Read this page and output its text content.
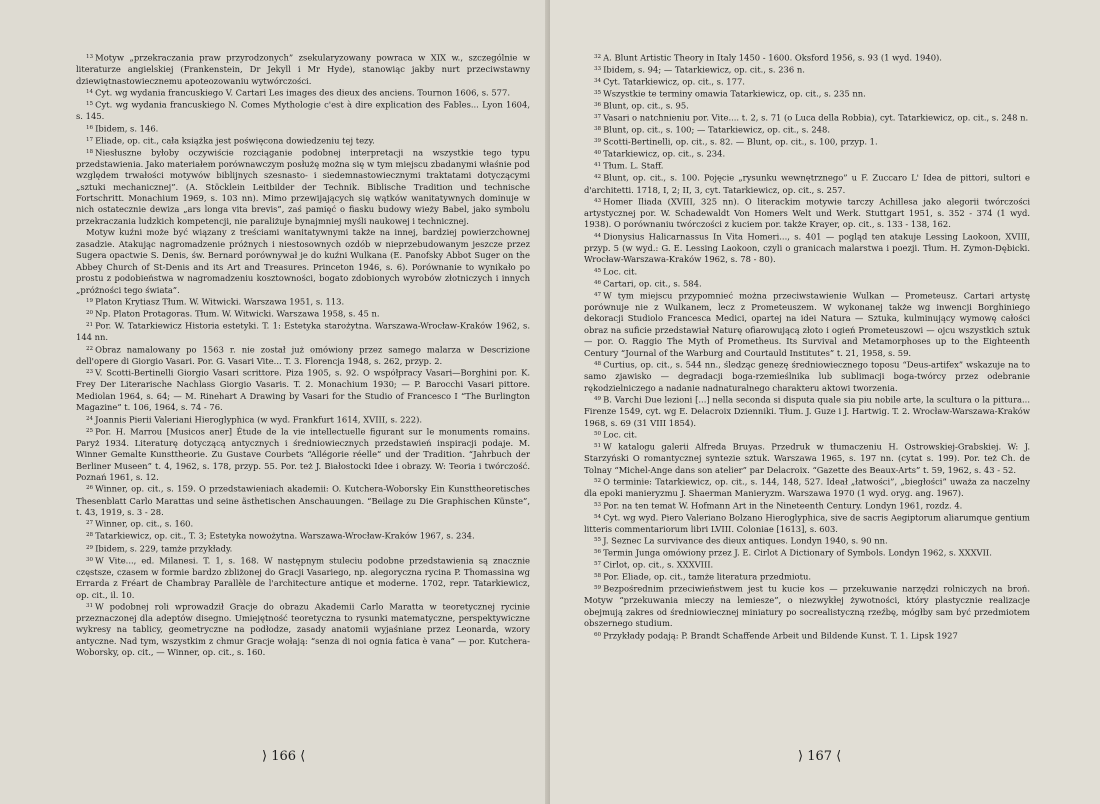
$^{13}$ Motyw „przekraczania praw przyrodzonych” zsekularyzowany powraca w XIX w., szczególnie w literaturze angielskiej (Frankenstein, Dr Jekyll i Mr Hyde), stanowiąc jakby nurt przeciwstawny dziewiętnastowiecznemu apoteozowaniu wytwórczości.

$^{14}$ Cyt. wg wydania francuskiego V. Cartari Les images des dieux des anciens. Tournon 1606, s. 577.

$^{15}$ Cyt. wg wydania francuskiego N. Comes Mythologie c'est à dire explication des Fables... Lyon 1604, s. 145.

$^{16}$ Ibidem, s. 146.

$^{17}$ Eliade, op. cit., cała książka jest poświęcona dowiedzeniu tej tezy.

$^{18}$ Niesłuszne byłoby oczywiście rozciąganie podobnej interpretacji na wszystkie tego typu przedstawienia. Jako materiałem porównawczym posłużę można się w tym miejscu zbadanymi właśnie pod względem trwałości motywów biblijnych szesnasto- i siedemnastowiecznymi traktatami dotyczącymi „sztuki mechanicznej”. (A. Stöcklein Leitbilder der Technik. Biblische Tradition und technische Fortschritt. Monachium 1969, s. 103 nn). Mimo przewijających się wątków wanitatywnych dominuje w nich ostatecznie dewiza „ars longa vita brevis”, zaś pamięć o fiasku budowy wieży Babel, jako symbolu przekraczania ludzkich kompetencji, nie paraliżuje bynajmniej myśli naukowej i technicznej.

Motyw kuźni może być wiązany z treściami wanitatywnymi także na innej, bardziej powierzchownej zasadzie. Atakując nagromadzenie próżnych i niestosownych ozdób w nieprzebudowanym jeszcze przez Sugera opactwie S. Denis, św. Bernard porównywał je do kuźni Wulkana (E. Panofsky Abbot Suger on the Abbey Church of St-Denis and its Art and Treasures. Princeton 1946, s. 6). Porównanie to wynikało po prostu z podobieństwa w nagromadzeniu kosztowności, bogato zdobionych wyrobów złotniczych i innych „próżności tego świata”.

$^{19}$ Platon Krytiasz Tłum. W. Witwicki. Warszawa 1951, s. 113.

$^{20}$ Np. Platon Protagoras. Tłum. W. Witwicki. Warszawa 1958, s. 45 n.

$^{21}$ Por. W. Tatarkiewicz Historia estetyki. T. 1: Estetyka starożytna. Warszawa-Wrocław-Kraków 1962, s. 144 nn.

$^{22}$ Obraz namalowany po 1563 r. nie został już omówiony przez samego malarza w Descrizione dell'opere di Giorgio Vasari. Por. G. Vasari Vite... T. 3. Florencja 1948, s. 262, przyp. 2.

$^{23}$ V. Scotti-Bertinelli Giorgio Vasari scrittore. Piza 1905, s. 92. O współpracy Vasari—Borghini por. K. Frey Der Literarische Nachlass Giorgio Vasaris. T. 2. Monachium 1930; — P. Barocchi Vasari pittore. Mediolan 1964, s. 64; — M. Rinehart A Drawing by Vasari for the Studio of Francesco I “The Burlington Magazine” t. 106, 1964, s. 74 - 76.

$^{24}$ Joannis Pierii Valeriani Hieroglyphica (w wyd. Frankfurt 1614, XVIII, s. 222).

$^{25}$ Por. H. Marrou [Musicos aner] Étude de la vie intellectuelle figurant sur le monuments romains. Paryż 1934. Literaturę dotyczącą antycznych i średniowiecznych przedstawień inspiracji podaje. M. Winner Gemalte Kunsttheorie. Zu Gustave Courbets “Allégorie réelle” und der Tradition. “Jahrbuch der Berliner Museen” t. 4, 1962, s. 178, przyp. 55. Por. też J. Białostocki Idee i obrazy. W: Teoria i twórczość. Poznań 1961, s. 12.

$^{26}$ Winner, op. cit., s. 159. O przedstawieniach akademii: O. Kutchera-Woborsky Ein Kunsttheoretisches Thesenblatt Carlo Marattas und seine ästhetischen Anschauungen. “Beilage zu Die Graphischen Künste”, t. 43, 1919, s. 3 - 28.

$^{27}$ Winner, op. cit., s. 160.

$^{28}$ Tatarkiewicz, op. cit., T. 3; Estetyka nowożytna. Warszawa-Wrocław-Kraków 1967, s. 234.

$^{29}$ Ibidem, s. 229, tamże przykłady.

$^{30}$ W Vite..., ed. Milanesi. T. 1, s. 168. W następnym stuleciu podobne przedstawienia są znacznie częstsze, czasem w formie bardzo zbliżonej do Gracji Vasariego, np. alegoryczna rycina P. Thomassina wg Errarda z Fréart de Chambray Parallèle de l'architecture antique et moderne. 1702, repr. Tatarkiewicz, op. cit., il. 10.

$^{31}$ W podobnej roli wprowadził Gracje do obrazu Akademii Carlo Maratta w teoretycznej rycinie przeznaczonej dla adeptów disegno. Umiejętność teoretyczna to rysunki matematyczne, perspektywiczne wykresy na tablicy, geometryczne na podłodze, zasady anatomii wyjaśniane przez Leonarda, wzory antyczne. Nad tym, wszystkim z chmur Gracje wołają: “senza di noi ognia fatica è vana” — por. Kutchera-Woborsky, op. cit., — Winner, op. cit., s. 160.

⟩ 166 ⟨

$^{32}$ A. Blunt Artistic Theory in Italy 1450 - 1600. Oksford 1956, s. 93 (1 wyd. 1940).

$^{33}$ Ibidem, s. 94; — Tatarkiewicz, op. cit., s. 236 n.

$^{34}$ Cyt. Tatarkiewicz, op. cit., s. 177.

$^{35}$ Wszystkie te terminy omawia Tatarkiewicz, op. cit., s. 235 nn.

$^{36}$ Blunt, op. cit., s. 95.

$^{37}$ Vasari o natchnieniu por. Vite.... t. 2, s. 71 (o Luca della Robbia), cyt. Tatarkiewicz, op. cit., s. 248 n.

$^{38}$ Blunt, op. cit., s. 100; — Tatarkiewicz, op. cit., s. 248.

$^{39}$ Scotti-Bertinelli, op. cit., s. 82. — Blunt, op. cit., s. 100, przyp. 1.

$^{40}$ Tatarkiewicz, op. cit., s. 234.

$^{41}$ Tłum. L. Staff.

$^{42}$ Blunt, op. cit., s. 100. Pojęcie „rysunku wewnętrznego” u F. Zuccaro L' Idea de pittori, sultori e d'architetti. 1718, I, 2; II, 3, cyt. Tatarkiewicz, op. cit., s. 257.

$^{43}$ Homer Iliada (XVIII, 325 nn). O literackim motywie tarczy Achillesa jako alegorii twórczości artystycznej por. W. Schadewaldt Von Homers Welt und Werk. Stuttgart 1951, s. 352 - 374 (1 wyd. 1938). O porównaniu twórczości z kuciem por. także Krayer, op. cit., s. 133 - 138, 162.

$^{44}$ Dionysius Halicarnassus In Vita Homeri..., s. 401 — pogląd ten atakuje Lessing Laokoon, XVIII, przyp. 5 (w wyd.: G. E. Lessing Laokoon, czyli o granicach malarstwa i poezji. Tłum. H. Zymon-Dębicki. Wrocław-Warszawa-Kraków 1962, s. 78 - 80).

$^{45}$ Loc. cit.

$^{46}$ Cartari, op. cit., s. 584.

$^{47}$ W tym miejscu przypomnieć można przeciwstawienie Wulkan — Prometeusz. Cartari artystę porównuje nie z Wulkanem, lecz z Prometeuszem. W wykonanej także wg inwencji Borghiniego dekoracji Studiolo Francesca Medici, opartej na idei Natura — Sztuka, kulminujący wymowę całości obraz na suficie przedstawiał Naturę ofiarowującą złoto i ogień Prometeuszowi — ojcu wszystkich sztuk — por. O. Raggio The Myth of Prometheus. Its Survival and Metamorphoses up to the Eighteenth Century “Journal of the Warburg and Courtauld Institutes” t. 21, 1958, s. 59.

$^{48}$ Curtius, op. cit., s. 544 nn., śledząc genezę średniowiecznego toposu “Deus-artifex” wskazuje na to samo zjawisko — degradacji boga-rzemieślnika lub sublimacji boga-twórcy przez odebranie rękodzielniczego a nadanie nadnaturalnego charakteru aktowi tworzenia.

$^{49}$ B. Varchi Due lezioni [...] nella seconda si disputa quale sia piu nobile arte, la scultura o la pittura... Firenze 1549, cyt. wg E. Delacroix Dzienniki. Tłum. J. Guze i J. Hartwig. T. 2. Wrocław-Warszawa-Kraków 1968, s. 69 (31 VIII 1854).

$^{50}$ Loc. cit.

$^{51}$ W katalogu galerii Alfreda Bruyas. Przedruk w tłumaczeniu H. Ostrowskiej-Grabskiej. W: J. Starzyński O romantycznej syntezie sztuk. Warszawa 1965, s. 197 nn. (cytat s. 199). Por. też Ch. de Tolnay “Michel-Ange dans son atelier” par Delacroix. “Gazette des Beaux-Arts” t. 59, 1962, s. 43 - 52.

$^{52}$ O terminie: Tatarkiewicz, op. cit., s. 144, 148, 527. Ideał „łatwości”, „biegłości” uważa za naczelny dla epoki manieryzmu J. Shaerman Manieryzm. Warszawa 1970 (1 wyd. oryg. ang. 1967).

$^{53}$ Por. na ten temat W. Hofmann Art in the Nineteenth Century. Londyn 1961, rozdz. 4.

$^{54}$ Cyt. wg wyd. Piero Valeriano Bolzano Hieroglyphica, sive de sacris Aegiptorum aliarumque gentium litteris commentariorum libri LVIII. Coloniae [1613], s. 603.

$^{55}$ J. Seznec La survivance des dieux antiques. Londyn 1940, s. 90 nn.

$^{56}$ Termin Junga omówiony przez J. E. Cirlot A Dictionary of Symbols. Londyn 1962, s. XXXVII.

$^{57}$ Cirlot, op. cit., s. XXXVIII.

$^{58}$ Por. Eliade, op. cit., tamże literatura przedmiotu.

$^{59}$ Bezpośrednim przeciwieństwem jest tu kucie kos — przekuwanie narzędzi rolniczych na broń. Motyw “przekuwania mieczy na lemiesze”, o niezwykłej żywotności, który plastycznie realizacje obejmują zakres od średniowiecznej miniatury po socrealistyczną rzeźbę, mógłby sam być przedmiotem obszernego studium.

$^{60}$ Przykłady podają: P. Brandt Schaffende Arbeit und Bildende Kunst. T. 1. Lipsk 1927

⟩ 167 ⟨
